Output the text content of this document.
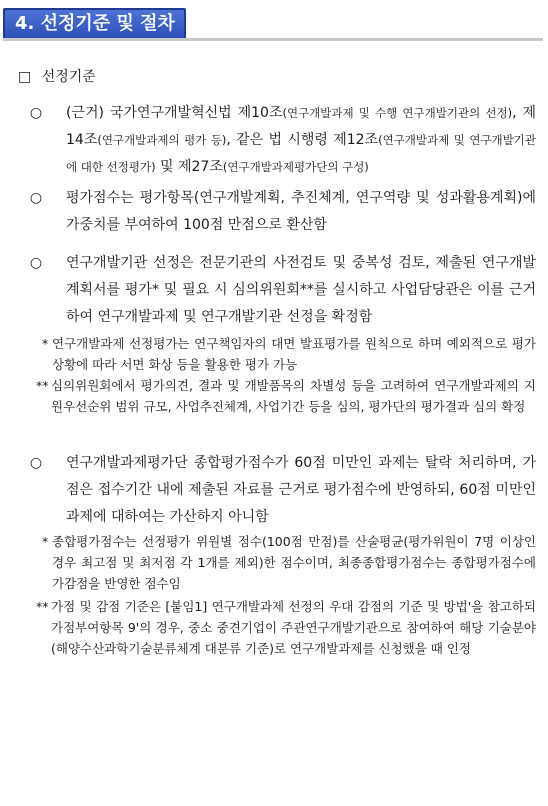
4. 선정기준 및 절차
□ 선정기준
○	(근거) 국가연구개발혁신법 제10조(연구개발과제 및 수행 연구개발기관의 선정), 제14조(연구개발과제의 평가 등), 같은 법 시행령 제12조(연구개발과제 및 연구개발기관에 대한 선정평가) 및 제27조(연구개발과제평가단의 구성)
○	평가점수는 평가항목(연구개발계획, 추진체계, 연구역량 및 성과활용계획)에 가중치를 부여하여 100점 만점으로 환산함
○	연구개발기관 선정은 전문기관의 사전검토 및 중복성 검토, 제출된 연구개발계획서를 평가* 및 필요 시 심의위원회**를 실시하고 사업담당관은 이를 근거하여 연구개발과제 및 연구개발기관 선정을 확정함
* 연구개발과제 선정평가는 연구책임자의 대면 발표평가를 원칙으로 하며 예외적으로 평가상황에 따라 서면 화상 등을 활용한 평가 가능
** 심의위원회에서 평가의견, 결과 및 개발품목의 차별성 등을 고려하여 연구개발과제의 지원우선순위 범위 규모, 사업추진체계, 사업기간 등을 심의, 평가단의 평가결과 심의 확정
○	연구개발과제평가단 종합평가점수가 60점 미만인 과제는 탈락 처리하며, 가점은 접수기간 내에 제출된 자료를 근거로 평가점수에 반영하되, 60점 미만인 과제에 대하여는 가산하지 아니함
* 종합평가점수는 선정평가 위원별 점수(100점 만점)를 산술평균(평가위원이 7명 이상인 경우 최고점 및 최저점 각 1개를 제외)한 점수이며, 최종종합평가점수는 종합평가점수에 가감점을 반영한 점수임
** 가점 및 감점 기준은 [붙임1] 연구개발과제 선정의 우대 감점의 기준 및 방법'을 참고하되 가점부여항목 9'의 경우, 중소 중견기업이 주관연구개발기관으로 참여하여 해당 기술분야(해양수산과학기술분류체계 대분류 기준)로 연구개발과제를 신청했을 때 인정
